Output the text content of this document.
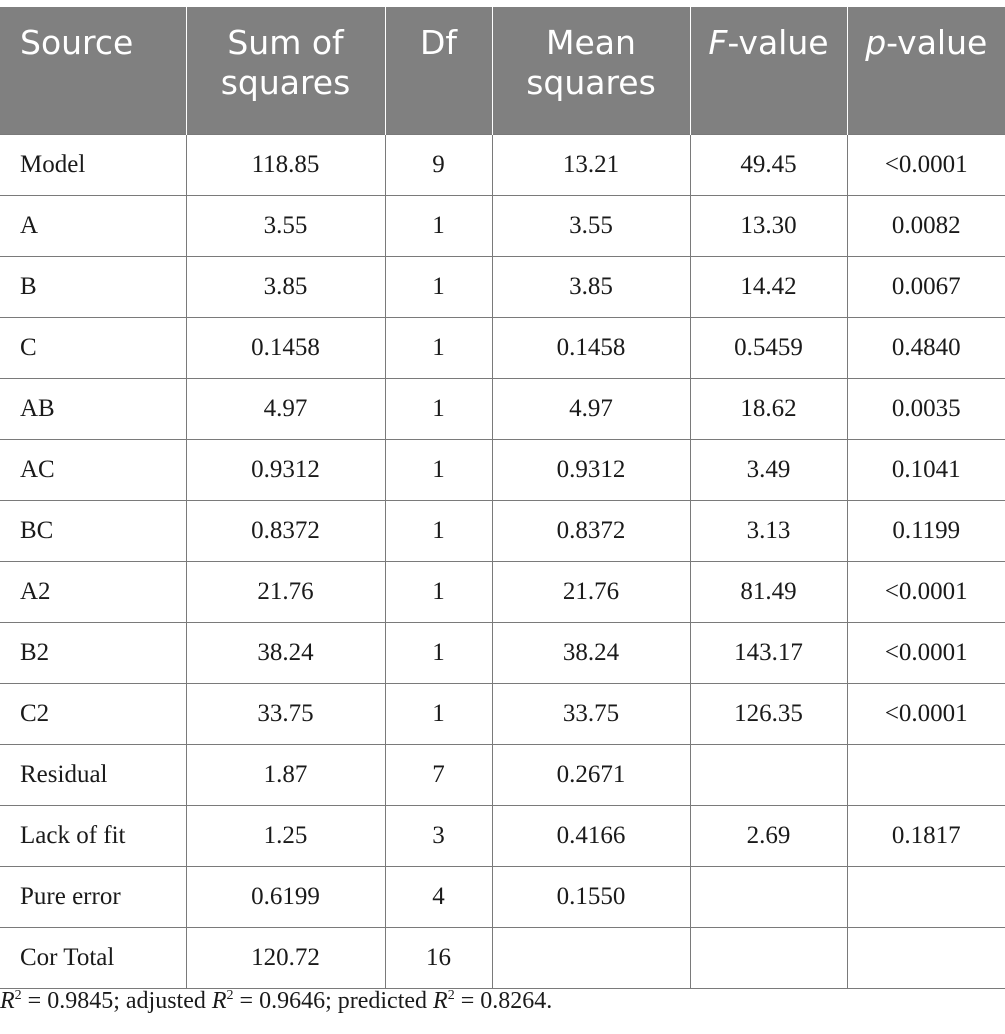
Source	Sum of squares	Df	Mean squares	F-value	p-value
Model	118.85	9	13.21	49.45	<0.0001
A	3.55	1	3.55	13.30	0.0082
B	3.85	1	3.85	14.42	0.0067
C	0.1458	1	0.1458	0.5459	0.4840
AB	4.97	1	4.97	18.62	0.0035
AC	0.9312	1	0.9312	3.49	0.1041
BC	0.8372	1	0.8372	3.13	0.1199
A2	21.76	1	21.76	81.49	<0.0001
B2	38.24	1	38.24	143.17	<0.0001
C2	33.75	1	33.75	126.35	<0.0001
Residual	1.87	7	0.2671		
Lack of fit	1.25	3	0.4166	2.69	0.1817
Pure error	0.6199	4	0.1550		
Cor Total	120.72	16			
$R^2 = 0.9845$; adjusted $R^2 = 0.9646$; predicted $R^2 = 0.8264$.
